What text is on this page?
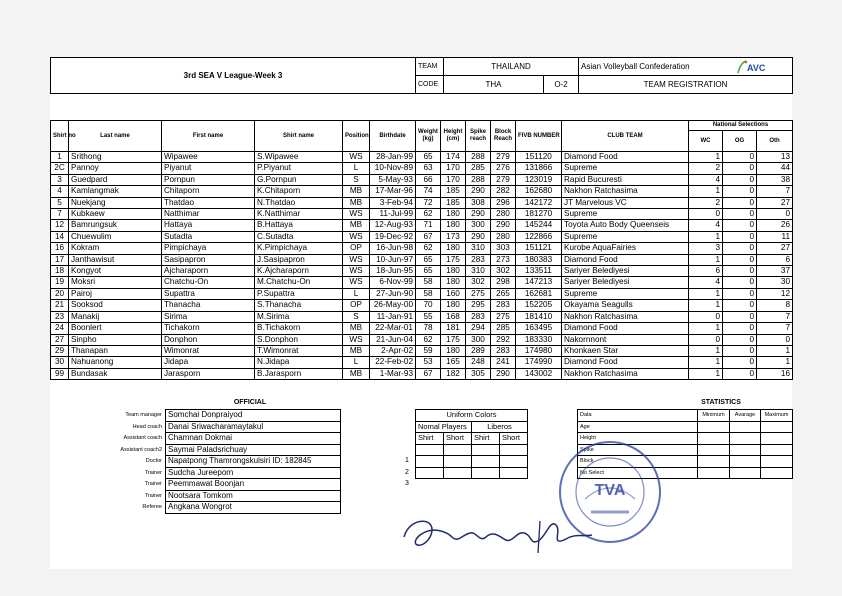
3rd SEA V League-Week 3	TEAM	THAILAND		Asian Volleyball Confederation AVC

	CODE	THA	O-2	TEAM REGISTRATION
Shirt no	Last name	First name	Shirt name	Position	Birthdate	Weight (kg)	Height (cm)	Spike reach	Block Reach	FIVB NUMBER	CLUB TEAM	National Selections		
												WC	OG	Oth
1	Srithong	Wipawee	S.Wipawee	WS	28-Jan-99	65	174	288	279	151120	Diamond Food	1	0	13
2C	Pannoy	Piyanut	P.Piyanut	L	10-Nov-89	63	170	285	276	131866	Supreme	2	0	44
3	Guedpard	Pornpun	G.Pornpun	S	5-May-93	66	170	288	279	123019	Rapid Bucuresti	4	0	38
4	Kamlangmak	Chitaporn	K.Chitaporn	MB	17-Mar-96	74	185	290	282	162680	Nakhon Ratchasima	1	0	7
5	Nuekjang	Thatdao	N.Thatdao	MB	3-Feb-94	72	185	308	296	142172	JT Marvelous VC	2	0	27
7	Kubkaew	Natthimar	K.Natthimar	WS	11-Jul-99	62	180	290	280	181270	Supreme	0	0	0
12	Bamrungsuk	Hattaya	B.Hattaya	MB	12-Aug-93	71	180	300	290	145244	Toyota Auto Body Queenseis	4	0	26
14	Chuewulim	Sutadta	C.Sutadta	WS	19-Dec-92	67	173	290	280	122866	Supreme	1	0	11
16	Kokram	Pimpichaya	K.Pimpichaya	OP	16-Jun-98	62	180	310	303	151121	Kurobe AquaFairies	3	0	27
17	Janthawisut	Sasipapron	J.Sasipapron	WS	10-Jun-97	65	175	283	273	180383	Diamond Food	1	0	6
18	Kongyot	Ajcharaporn	K.Ajcharaporn	WS	18-Jun-95	65	180	310	302	133511	Sariyer Belediyesi	6	0	37
19	Moksri	Chatchu-On	M.Chatchu-On	WS	6-Nov-99	58	180	302	298	147213	Sariyer Belediyesi	4	0	30
20	Pairoj	Supattra	P.Supattra	L	27-Jun-90	58	160	275	265	162681	Supreme	1	0	12
21	Sooksod	Thanacha	S.Thanacha	OP	26-May-00	70	180	295	283	152205	Okayama Seagulls	1	0	8
23	Manakij	Sirima	M.Sirima	S	11-Jan-91	55	168	283	275	181410	Nakhon Ratchasima	0	0	7
24	Boonlert	Tichakorn	B.Tichakorn	MB	22-Mar-01	78	181	294	285	163495	Diamond Food	1	0	7
27	Sinpho	Donphon	S.Donphon	WS	21-Jun-04	62	175	300	292	183330	Nakornnont	0	0	0
29	Thanapan	Wimonrat	T.Wimonrat	MB	2-Apr-02	59	180	289	283	174980	Khonkaen Star	1	0	1
30	Nahuanong	Jidapa	N.Jidapa	L	22-Feb-02	53	165	248	241	174990	Diamond Food	1	0	1
99	Bundasak	Jarasporn	B.Jarasporn	MB	1-Mar-93	67	182	305	290	143002	Nakhon Ratchasima	1	0	16
OFFICIAL	STATISTICS
Team manager	Somchai Donpraiyod
Head coach	Danai Sriwacharamaytakul
Assistant coach	Chamnan Dokmai
Assistant coach2	Saymai Paladsrichuay
Doctor	Napatpong Thamrongskulsiri ID: 182845
Trainer	Sudcha Jureeporn
Trainer	Peemmawat Boonjan
Trainer	Nootsara Tomkom
Referee	Angkana Wongrot
Uniform Colors			
Nomal Players		Liberos	
Shirt	Short	Shirt	Short

1
2
3
Data	Minimum	Avarage	Maximum
Age			
Height			
Spike			
Block			
No Select			
TVA
